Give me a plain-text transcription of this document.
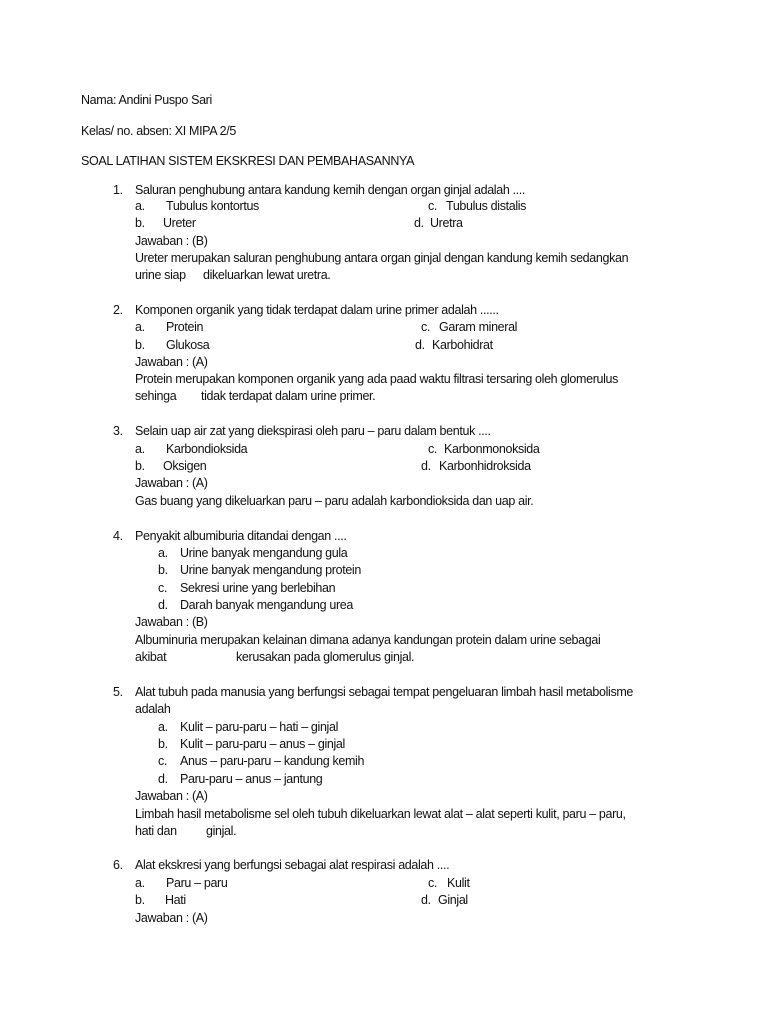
Nama: Andini Puspo Sari
Kelas/ no. absen: XI MIPA 2/5
SOAL LATIHAN SISTEM EKSKRESI DAN PEMBAHASANNYA
1. Saluran penghubung antara kandung kemih dengan organ ginjal adalah ....
a. Tubulus kontortus
b. Ureter
c. Tubulus distalis
d. Uretra
Jawaban : (B)
Ureter merupakan saluran penghubung antara organ ginjal dengan kandung kemih sedangkan
urine siap dikeluarkan lewat uretra.
2. Komponen organik yang tidak terdapat dalam urine primer adalah ......
a. Protein
b. Glukosa
c. Garam mineral
d. Karbohidrat
Jawaban : (A)
Protein merupakan komponen organik yang ada paad waktu filtrasi tersaring oleh glomerulus
sehinga tidak terdapat dalam urine primer.
3. Selain uap air zat yang diekspirasi oleh paru – paru dalam bentuk ....
a. Karbondioksida
b. Oksigen
c. Karbonmonoksida
d. Karbonhidroksida
Jawaban : (A)
Gas buang yang dikeluarkan paru – paru adalah karbondioksida dan uap air.
4. Penyakit albumiburia ditandai dengan ....
a. Urine banyak mengandung gula
b. Urine banyak mengandung protein
c. Sekresi urine yang berlebihan
d. Darah banyak mengandung urea
Jawaban : (B)
Albuminuria merupakan kelainan dimana adanya kandungan protein dalam urine sebagai
akibat	kerusakan pada glomerulus ginjal.
5. Alat tubuh pada manusia yang berfungsi sebagai tempat pengeluaran limbah hasil metabolisme
adalah
a. Kulit – paru-paru – hati – ginjal
b. Kulit – paru-paru – anus – ginjal
c. Anus – paru-paru – kandung kemih
d. Paru-paru – anus – jantung
Jawaban : (A)
Limbah hasil metabolisme sel oleh tubuh dikeluarkan lewat alat – alat seperti kulit, paru – paru,
hati dan ginjal.
6. Alat ekskresi yang berfungsi sebagai alat respirasi adalah ....
a. Paru – paru
b. Hati
c. Kulit
d. Ginjal
Jawaban : (A)
